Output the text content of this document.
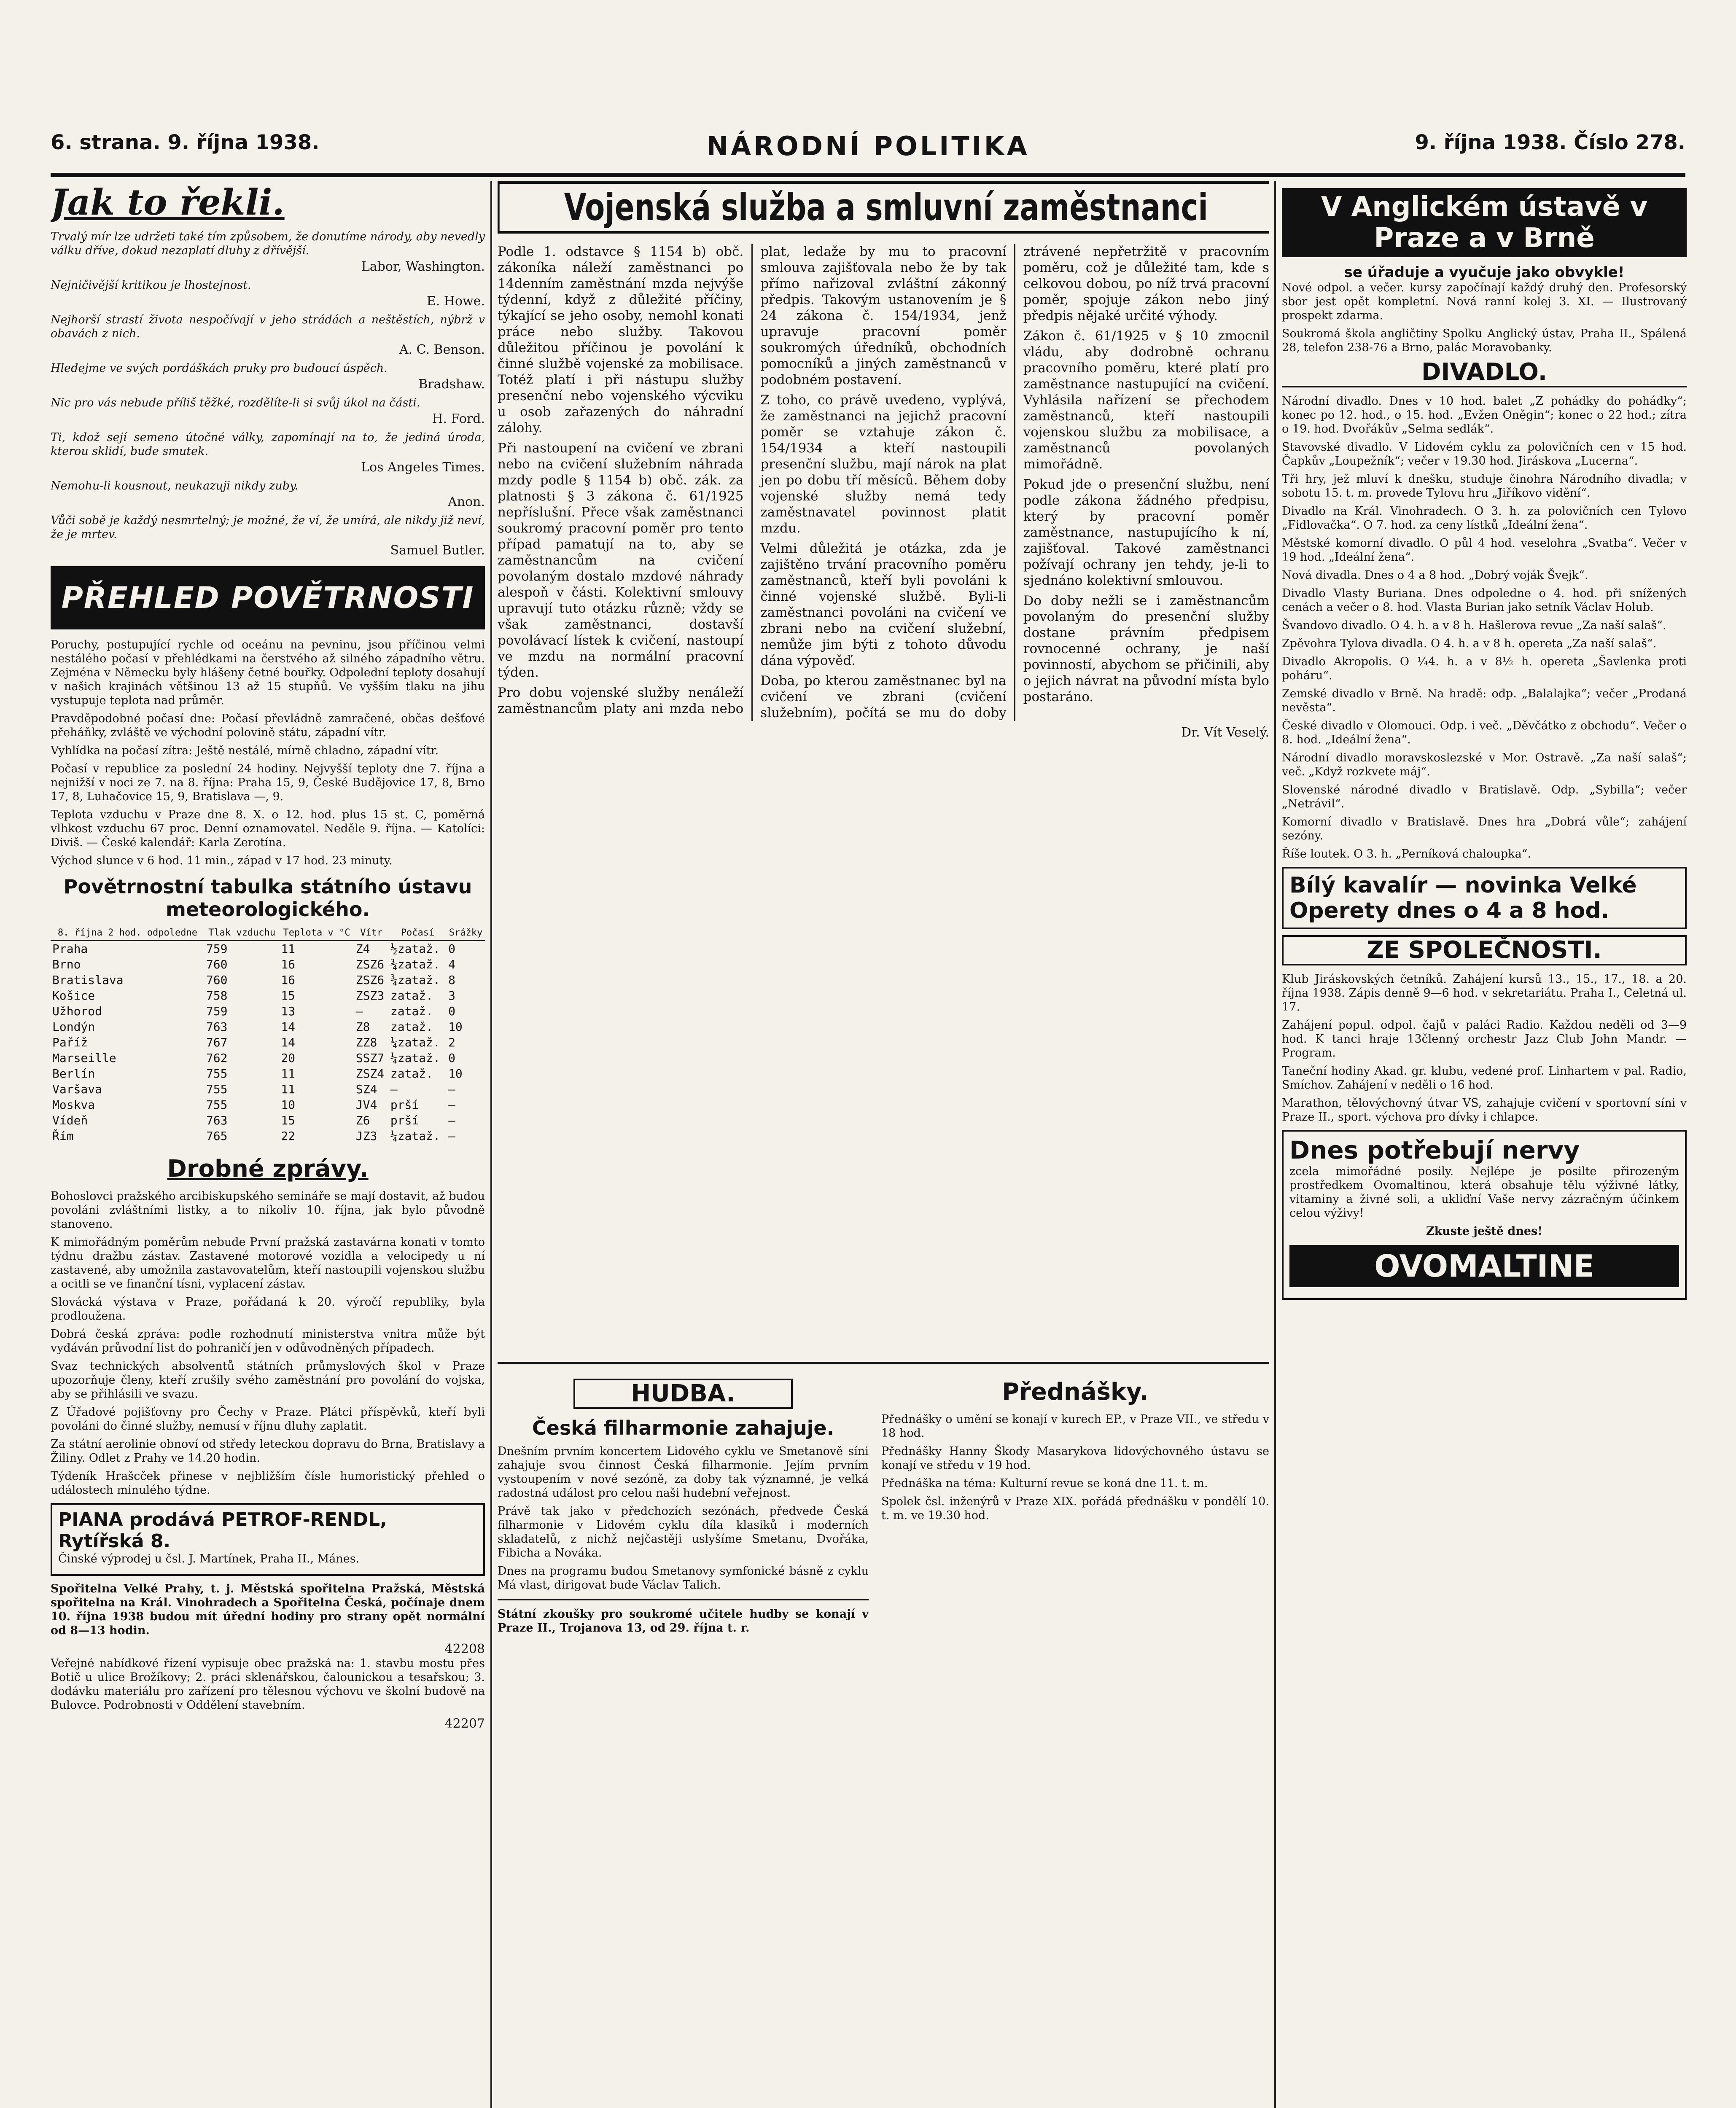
6. strana. 9. října 1938.	NÁRODNÍ POLITIKA	9. října 1938. Číslo 278.
Jak to řekli.

Trvalý mír lze udržeti také tím způsobem, že donutíme národy, aby nevedly válku dříve, dokud nezaplatí dluhy z dřívější.

Labor, Washington.

Nejničivější kritikou je lhostejnost.

E. Howe.

Nejhorší strastí života nespočívají v jeho strádách a neštěstích, nýbrž v obavách z nich.

A. C. Benson.

Hledejme ve svých pordáškách pruky pro budoucí úspěch.

Bradshaw.

Nic pro vás nebude příliš těžké, rozdělíte-li si svůj úkol na části.

H. Ford.

Ti, kdož sejí semeno útočné války, zapomínají na to, že jediná úroda, kterou sklidí, bude smutek.

Los Angeles Times.

Nemohu-li kousnout, neukazuji nikdy zuby.

Anon.

Vůči sobě je každý nesmrtelný; je možné, že ví, že umírá, ale nikdy již neví, že je mrtev.

Samuel Butler.
PŘEHLED POVĚTRNOSTI

Poruchy, postupující rychle od oceánu na pevninu, jsou příčinou velmi nestálého počasí v přehlédkami na čerstvého až silného západního větru. Zejména v Německu byly hlášeny četné bouřky. Odpolední teploty dosahují v našich krajinách většinou 13 až 15 stupňů. Ve vyšším tlaku na jihu vystupuje teplota nad průměr.

Pravděpodobné počasí dne: Počasí převládně zamračené, občas dešťové přeháňky, zvláště ve východní polovině státu, západní vítr.

Vyhlídka na počasí zítra: Ještě nestálé, mírně chladno, západní vítr.

Počasí v republice za poslední 24 hodiny. Nejvyšší teploty dne 7. října a nejnižší v noci ze 7. na 8. října: Praha 15, 9, České Budějovice 17, 8, Brno 17, 8, Luhačovice 15, 9, Bratislava —, 9.

Teplota vzduchu v Praze dne 8. X. o 12. hod. plus 15 st. C, poměrná vlhkost vzduchu 67 proc. Denní oznamovatel. Neděle 9. října. — Katolíci: Diviš. — České kalendář: Karla Zerotína.

Východ slunce v 6 hod. 11 min., západ v 17 hod. 23 minuty.

Povětrnostní tabulka státního ústavu meteorologického.
8. října 2 hod. odpoledne	Tlak vzduchu	Teplota v °C	Vítr	Počasí	Srážky
Praha	759	11	Z4	½zataž.	0
Brno	760	16	ZSZ6	¾zataž.	4
Bratislava	760	16	ZSZ6	¾zataž.	8
Košice	758	15	ZSZ3	zataž.	3
Užhorod	759	13	—	zataž.	0
Londýn	763	14	Z8	zataž.	10
Paříž	767	14	ZZ8	¼zataž.	2
Marseille	762	20	SSZ7	¼zataž.	0
Berlín	755	11	ZSZ4	zataž.	10
Varšava	755	11	SZ4	—	—
Moskva	755	10	JV4	prší	—
Vídeň	763	15	Z6	prší	—
Řím	765	22	JZ3	¼zataž.	—
Drobné zprávy.

Bohoslovci pražského arcibiskupského semináře se mají dostavit, až budou povoláni zvláštními listky, a to nikoliv 10. října, jak bylo původně stanoveno.

K mimořádným poměrům nebude První pražská zastavárna konati v tomto týdnu dražbu zástav. Zastavené motorové vozidla a velocipedy u ní zastavené, aby umožnila zastavovatelům, kteří nastoupili vojenskou službu a ocitli se ve finanční tísni, vyplacení zástav.

Slovácká výstava v Praze, pořádaná k 20. výročí republiky, byla prodloužena.

Dobrá česká zpráva: podle rozhodnutí ministerstva vnitra může být vydáván průvodní list do pohraničí jen v odůvodněných případech.

Svaz technických absolventů státních průmyslových škol v Praze upozorňuje členy, kteří zrušily svého zaměstnání pro povolání do vojska, aby se přihlásili ve svazu.

Z Úřadové pojišťovny pro Čechy v Praze. Plátci příspěvků, kteří byli povoláni do činné služby, nemusí v říjnu dluhy zaplatit.

Za státní aerolinie obnoví od středy leteckou dopravu do Brna, Bratislavy a Žiliny. Odlet z Prahy ve 14.20 hodin.

Týdeník Hrašcček přinese v nejbližším čísle humoristický přehled o událostech minulého týdne.

PIANA prodává PETROF-RENDL, Rytířská 8.

Činské výprodej u čsl. J. Martínek, Praha II., Mánes.

Spořitelna Velké Prahy, t. j. Městská spořitelna Pražská, Městská spořitelna na Král. Vinohradech a Spořitelna Česká, počínaje dnem 10. října 1938 budou mít úřední hodiny pro strany opět normální od 8—13 hodin.

42208

Veřejné nabídkové řízení vypisuje obec pražská na: 1. stavbu mostu přes Botič u ulice Brožíkovy; 2. práci sklenářskou, čalounickou a tesařskou; 3. dodávku materiálu pro zařízení pro tělesnou výchovu ve školní budově na Bulovce. Podrobnosti v Oddělení stavebním.

42207
Vojenská služba a smluvní zaměstnanci

Podle 1. odstavce § 1154 b) obč. zákoníka náleží zaměstnanci po 14denním zaměstnání mzda nejvýše týdenní, když z důležité příčiny, týkající se jeho osoby, nemohl konati práce nebo služby. Takovou důležitou příčinou je povolání k činné službě vojenské za mobilisace. Totéž platí i při nástupu služby presenční nebo vojenského výcviku u osob zařazených do náhradní zálohy.

Při nastoupení na cvičení ve zbrani nebo na cvičení služebním náhrada mzdy podle § 1154 b) obč. zák. za platnosti § 3 zákona č. 61/1925 nepříslušní. Přece však zaměstnanci soukromý pracovní poměr pro tento případ pamatují na to, aby se zaměstnancům na cvičení povolaným dostalo mzdové náhrady alespoň v části. Kolektivní smlouvy upravují tuto otázku různě; vždy se však zaměstnanci, dostavší povolávací lístek k cvičení, nastoupí ve mzdu na normální pracovní týden.

Pro dobu vojenské služby nenáleží zaměstnancům platy ani mzda nebo plat, ledaže by mu to pracovní smlouva zajišťovala nebo že by tak přímo nařizoval zvláštní zákonný předpis. Takovým ustanovením je § 24 zákona č. 154/1934, jenž upravuje pracovní poměr soukromých úředníků, obchodních pomocníků a jiných zaměstnanců v podobném postavení.

Z toho, co právě uvedeno, vyplývá, že zaměstnanci na jejichž pracovní poměr se vztahuje zákon č. 154/1934 a kteří nastoupili presenční službu, mají nárok na plat jen po dobu tří měsíců. Během doby vojenské služby nemá tedy zaměstnavatel povinnost platit mzdu.

Velmi důležitá je otázka, zda je zajištěno trvání pracovního poměru zaměstnanců, kteří byli povoláni k činné vojenské službě. Byli-li zaměstnanci povoláni na cvičení ve zbrani nebo na cvičení služební, nemůže jim býti z tohoto důvodu dána výpověď.

Doba, po kterou zaměstnanec byl na cvičení ve zbrani (cvičení služebním), počítá se mu do doby ztrávené nepřetržitě v pracovním poměru, což je důležité tam, kde s celkovou dobou, po níž trvá pracovní poměr, spojuje zákon nebo jiný předpis nějaké určité výhody.

Zákon č. 61/1925 v § 10 zmocnil vládu, aby dodrobně ochranu pracovního poměru, které platí pro zaměstnance nastupující na cvičení. Vyhlásila nařízení se přechodem zaměstnanců, kteří nastoupili vojenskou službu za mobilisace, a zaměstnanců povolaných mimořádně.

Pokud jde o presenční službu, není podle zákona žádného předpisu, který by pracovní poměr zaměstnance, nastupujícího k ní, zajišťoval. Takové zaměstnanci požívají ochrany jen tehdy, je-li to sjednáno kolektivní smlouvou.

Do doby nežli se i zaměstnancům povolaným do presenční služby dostane právním předpisem rovnocenné ochrany, je naší povinností, abychom se přičinili, aby o jejich návrat na původní místa bylo postaráno.

Dr. Vít Veselý.
HUDBA.
Česká filharmonie zahajuje.

Dnešním prvním koncertem Lidového cyklu ve Smetanově síni zahajuje svou činnost Česká filharmonie. Jejím prvním vystoupením v nové sezóně, za doby tak významné, je velká radostná událost pro celou naši hudební veřejnost.

Právě tak jako v předchozích sezónách, předvede Česká filharmonie v Lidovém cyklu díla klasiků i moderních skladatelů, z nichž nejčastěji uslyšíme Smetanu, Dvořáka, Fibicha a Nováka.

Dnes na programu budou Smetanovy symfonické básně z cyklu Má vlast, dirigovat bude Václav Talich.

Státní zkoušky pro soukromé učitele hudby se konají v Praze II., Trojanova 13, od 29. října t. r.

Přednášky.

Přednášky o umění se konají v kurech EP., v Praze VII., ve středu v 18 hod.

Přednášky Hanny Škody Masarykova lidovýchovného ústavu se konají ve středu v 19 hod.

Přednáška na téma: Kulturní revue se koná dne 11. t. m.

Spolek čsl. inženýrů v Praze XIX. pořádá přednášku v pondělí 10. t. m. ve 19.30 hod.

V Anglickém ústavě v Praze a v Brně
se úřaduje a vyučuje jako obvykle!

Nové odpol. a večer. kursy započínají každý druhý den. Profesorský sbor jest opět kompletní. Nová ranní kolej 3. XI. — Ilustrovaný prospekt zdarma.

Soukromá škola angličtiny Spolku Anglický ústav, Praha II., Spálená 28, telefon 238-76 a Brno, palác Moravobanky.

DIVADLO.

Národní divadlo. Dnes v 10 hod. balet „Z pohádky do pohádky“; konec po 12. hod., o 15. hod. „Evžen Oněgin“; konec o 22 hod.; zítra o 19. hod. Dvořákův „Selma sedlák“.

Stavovské divadlo. V Lidovém cyklu za polovičních cen v 15 hod. Čapkův „Loupežník“; večer v 19.30 hod. Jiráskova „Lucerna“.

Tři hry, jež mluví k dnešku, studuje činohra Národního divadla; v sobotu 15. t. m. provede Tylovu hru „Jiříkovo vidění“.

Divadlo na Král. Vinohradech. O 3. h. za polovičních cen Tylovo „Fidlovačka“. O 7. hod. za ceny lístků „Ideální žena“.

Městské komorní divadlo. O půl 4 hod. veselohra „Svatba“. Večer v 19 hod. „Ideální žena“.

Nová divadla. Dnes o 4 a 8 hod. „Dobrý voják Švejk“.

Divadlo Vlasty Buriana. Dnes odpoledne o 4. hod. při snížených cenách a večer o 8. hod. Vlasta Burian jako setník Václav Holub.

Švandovo divadlo. O 4. h. a v 8 h. Hašlerova revue „Za naší salaš“.

Zpěvohra Tylova divadla. O 4. h. a v 8 h. opereta „Za naší salaš“.

Divadlo Akropolis. O ¼4. h. a v 8½ h. opereta „Šavlenka proti poháru“.

Zemské divadlo v Brně. Na hradě: odp. „Balalajka“; večer „Prodaná nevěsta“.

České divadlo v Olomouci. Odp. i več. „Děvčátko z obchodu“. Večer o 8. hod. „Ideální žena“.

Národní divadlo moravskoslezské v Mor. Ostravě. „Za naší salaš“; več. „Když rozkvete máj“.

Slovenské národné divadlo v Bratislavě. Odp. „Sybilla“; večer „Netrávil“.

Komorní divadlo v Bratislavě. Dnes hra „Dobrá vůle“; zahájení sezóny.

Říše loutek. O 3. h. „Perníková chaloupka“.

Bílý kavalír — novinka Velké Operety dnes o 4 a 8 hod.
ZE SPOLEČNOSTI.

Klub Jiráskovských četníků. Zahájení kursů 13., 15., 17., 18. a 20. října 1938. Zápis denně 9—6 hod. v sekretariátu. Praha I., Celetná ul. 17.

Zahájení popul. odpol. čajů v paláci Radio. Každou neděli od 3—9 hod. K tanci hraje 13členný orchestr Jazz Club John Mandr. — Program.

Taneční hodiny Akad. gr. klubu, vedené prof. Linhartem v pal. Radio, Smíchov. Zahájení v neděli o 16 hod.

Marathon, tělovýchovný útvar VS, zahajuje cvičení v sportovní síni v Praze II., sport. výchova pro dívky i chlapce.

Dnes potřebují nervy

zcela mimořádné posily. Nejlépe je posilte přirozeným prostředkem Ovomaltinou, která obsahuje tělu výživné látky, vitaminy a živné soli, a ukliďní Vaše nervy zázračným účinkem celou výživy!

Zkuste ještě dnes!

OVOMALTINE
